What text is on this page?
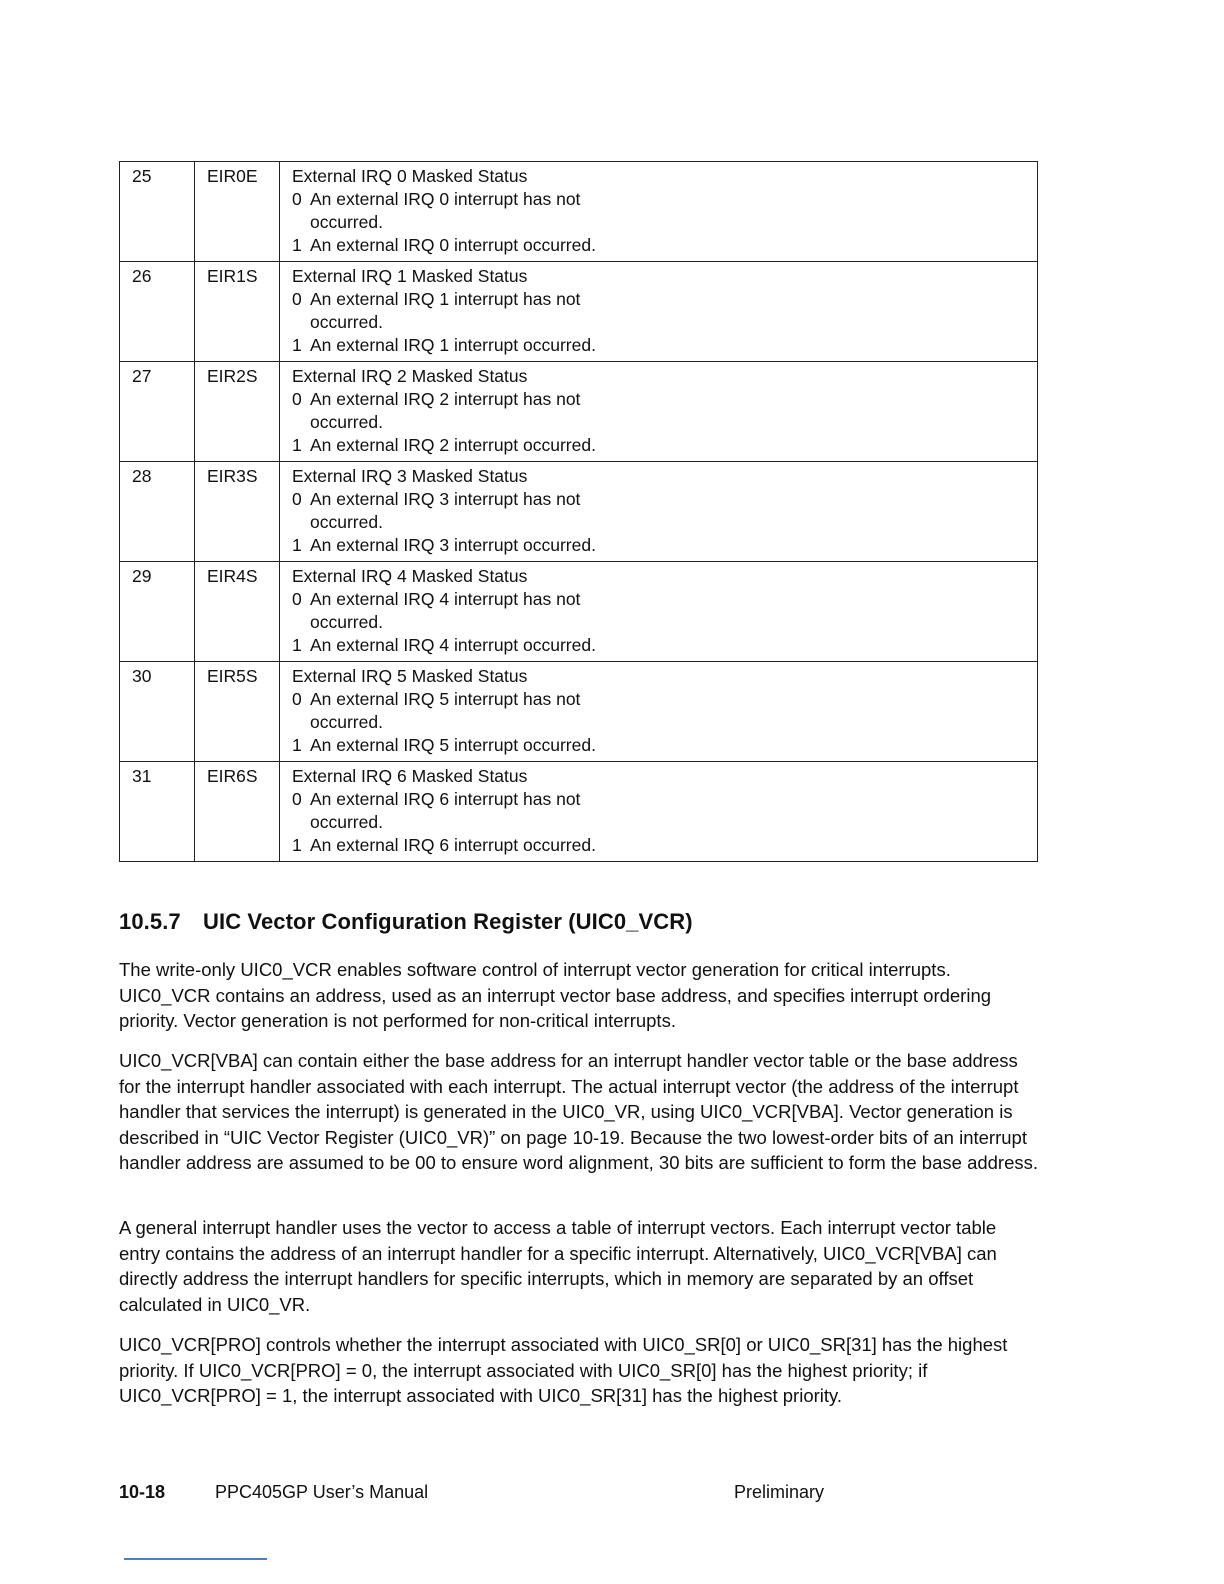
25	EIR0E	External IRQ 0 Masked Status
0 An external IRQ 0 interrupt has not occurred.
1 An external IRQ 0 interrupt occurred.

26	EIR1S	External IRQ 1 Masked Status
0 An external IRQ 1 interrupt has not occurred.
1 An external IRQ 1 interrupt occurred.

27	EIR2S	External IRQ 2 Masked Status
0 An external IRQ 2 interrupt has not occurred.
1 An external IRQ 2 interrupt occurred.

28	EIR3S	External IRQ 3 Masked Status
0 An external IRQ 3 interrupt has not occurred.
1 An external IRQ 3 interrupt occurred.

29	EIR4S	External IRQ 4 Masked Status
0 An external IRQ 4 interrupt has not occurred.
1 An external IRQ 4 interrupt occurred.

30	EIR5S	External IRQ 5 Masked Status
0 An external IRQ 5 interrupt has not occurred.
1 An external IRQ 5 interrupt occurred.

31	EIR6S	External IRQ 6 Masked Status
0 An external IRQ 6 interrupt has not occurred.
1 An external IRQ 6 interrupt occurred.
10.5.7 UIC Vector Configuration Register (UIC0_VCR)

The write-only UIC0_VCR enables software control of interrupt vector generation for critical interrupts. UIC0_VCR contains an address, used as an interrupt vector base address, and specifies interrupt ordering priority. Vector generation is not performed for non-critical interrupts.

UIC0_VCR[VBA] can contain either the base address for an interrupt handler vector table or the base address for the interrupt handler associated with each interrupt. The actual interrupt vector (the address of the interrupt handler that services the interrupt) is generated in the UIC0_VR, using UIC0_VCR[VBA]. Vector generation is described in “UIC Vector Register (UIC0_VR)” on page 10-19. Because the two lowest-order bits of an interrupt handler address are assumed to be 00 to ensure word alignment, 30 bits are sufficient to form the base address.

A general interrupt handler uses the vector to access a table of interrupt vectors. Each interrupt vector table entry contains the address of an interrupt handler for a specific interrupt. Alternatively, UIC0_VCR[VBA] can directly address the interrupt handlers for specific interrupts, which in memory are separated by an offset calculated in UIC0_VR.

UIC0_VCR[PRO] controls whether the interrupt associated with UIC0_SR[0] or UIC0_SR[31] has the highest priority. If UIC0_VCR[PRO] = 0, the interrupt associated with UIC0_SR[0] has the highest priority; if UIC0_VCR[PRO] = 1, the interrupt associated with UIC0_SR[31] has the highest priority.

10-18	PPC405GP User’s Manual	Preliminary
